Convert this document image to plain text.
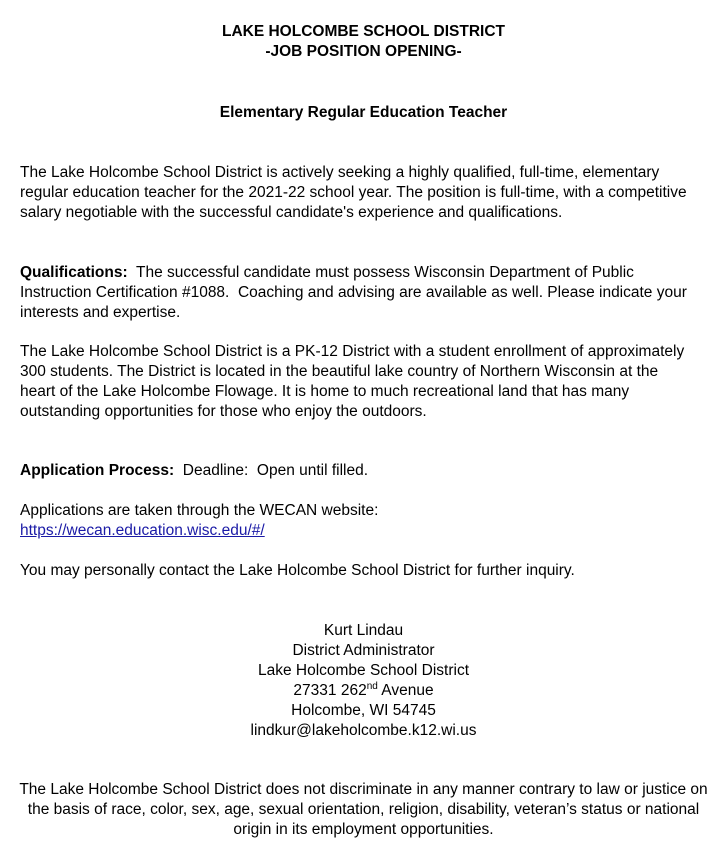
LAKE HOLCOMBE SCHOOL DISTRICT
-JOB POSITION OPENING-
Elementary Regular Education Teacher
The Lake Holcombe School District is actively seeking a highly qualified, full-time, elementary regular education teacher for the 2021-22 school year. The position is full-time, with a competitive salary negotiable with the successful candidate's experience and qualifications.
Qualifications:  The successful candidate must possess Wisconsin Department of Public Instruction Certification #1088.  Coaching and advising are available as well. Please indicate your interests and expertise.
The Lake Holcombe School District is a PK-12 District with a student enrollment of approximately 300 students. The District is located in the beautiful lake country of Northern Wisconsin at the heart of the Lake Holcombe Flowage. It is home to much recreational land that has many outstanding opportunities for those who enjoy the outdoors.
Application Process:  Deadline:  Open until filled.
Applications are taken through the WECAN website:
https://wecan.education.wisc.edu/#/
You may personally contact the Lake Holcombe School District for further inquiry.
Kurt Lindau
District Administrator
Lake Holcombe School District
27331 262nd Avenue
Holcombe, WI 54745
lindkur@lakeholcombe.k12.wi.us
The Lake Holcombe School District does not discriminate in any manner contrary to law or justice on the basis of race, color, sex, age, sexual orientation, religion, disability, veteran’s status or national origin in its employment opportunities.
